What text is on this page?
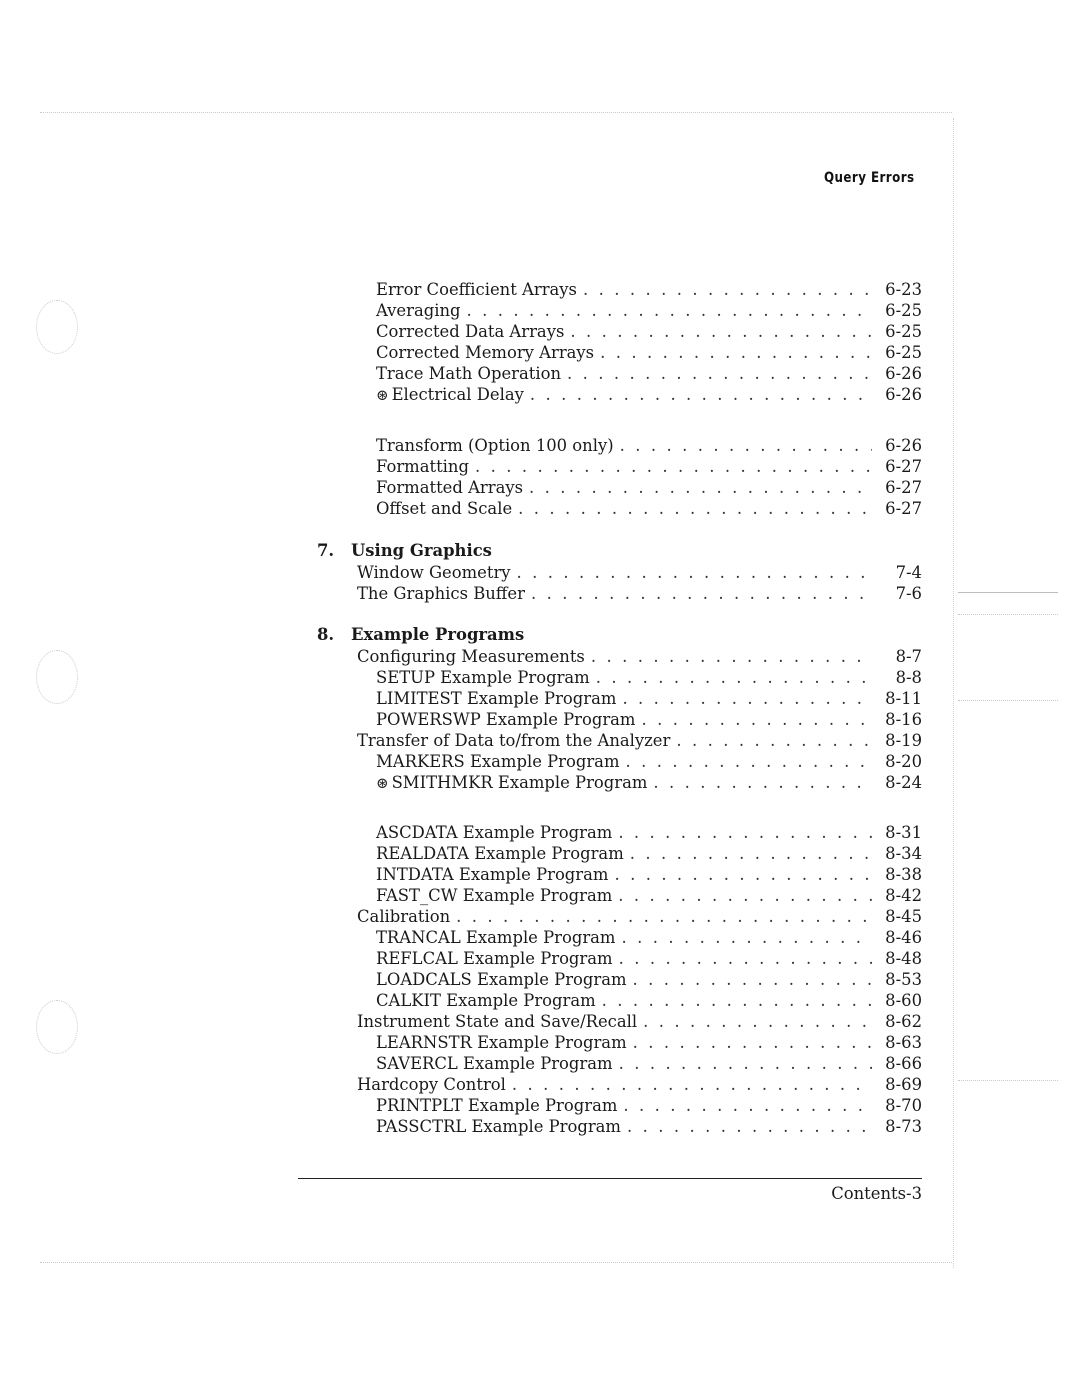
Query Errors
Error Coefficient Arrays . . .	6-23
Averaging . . .	6-25
Corrected Data Arrays . . .	6-25
Corrected Memory Arrays . . .	6-25
Trace Math Operation . . .	6-26
⊛ Electrical Delay . . .	6-26
Transform (Option 100 only) . . .	6-26
Formatting . . .	6-27
Formatted Arrays . . .	6-27
Offset and Scale . . .	6-27
7. Using Graphics
Window Geometry . . .	7-4
The Graphics Buffer . . .	7-6
8. Example Programs
Configuring Measurements . . .	8-7
SETUP Example Program . . .	8-8
LIMITEST Example Program . . .	8-11
POWERSWP Example Program . . .	8-16
Transfer of Data to/from the Analyzer . . .	8-19
MARKERS Example Program . . .	8-20
⊛ SMITHMKR Example Program . . .	8-24
ASCDATA Example Program . . .	8-31
REALDATA Example Program . . .	8-34
INTDATA Example Program . . .	8-38
FAST_CW Example Program . . .	8-42
Calibration . . .	8-45
TRANCAL Example Program . . .	8-46
REFLCAL Example Program . . .	8-48
LOADCALS Example Program . . .	8-53
CALKIT Example Program . . .	8-60
Instrument State and Save/Recall . . .	8-62
LEARNSTR Example Program . . .	8-63
SAVERCL Example Program . . .	8-66
Hardcopy Control . . .	8-69
PRINTPLT Example Program . . .	8-70
PASSCTRL Example Program . . .	8-73
Contents-3
